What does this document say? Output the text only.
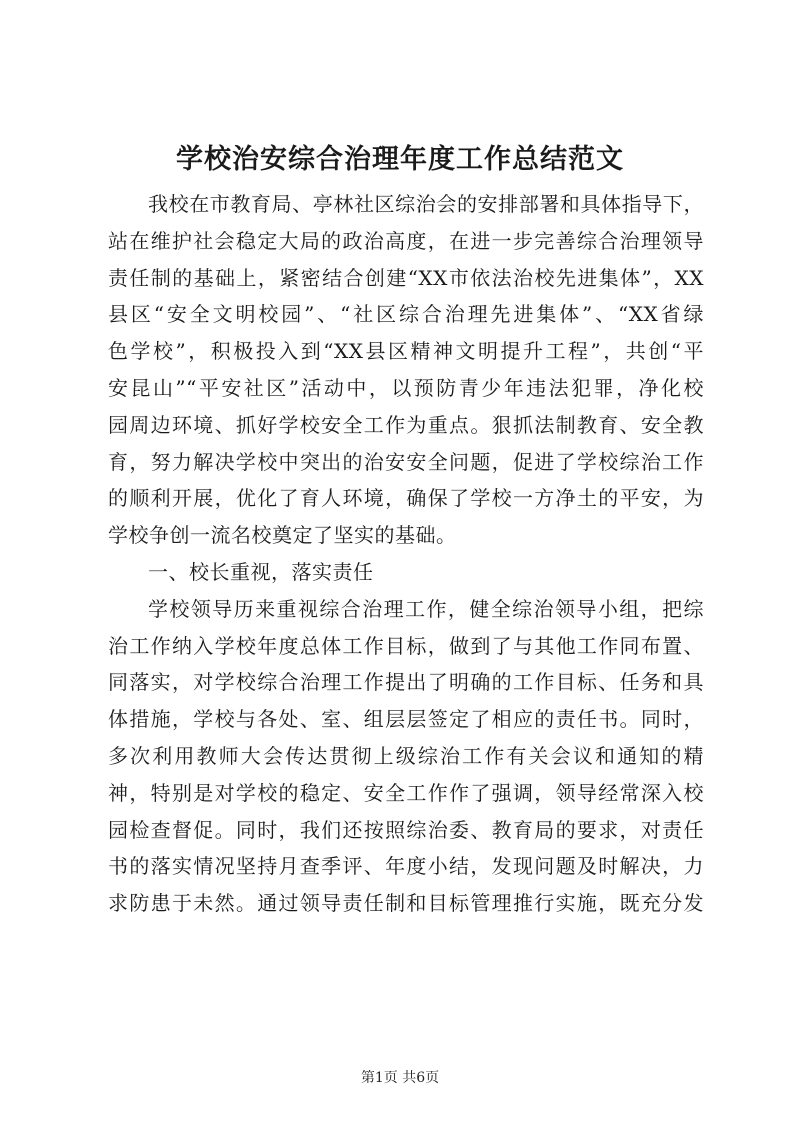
学校治安综合治理年度工作总结范文
我校在市教育局、亭林社区综治会的安排部署和具体指导下，
站在维护社会稳定大局的政治高度，在进一步完善综合治理领导
责任制的基础上，紧密结合创建“XX市依法治校先进集体”，XX
县区“安全文明校园”、“社区综合治理先进集体”、“XX省绿
色学校”，积极投入到“XX县区精神文明提升工程”，共创“平
安昆山”“平安社区”活动中，以预防青少年违法犯罪，净化校
园周边环境、抓好学校安全工作为重点。狠抓法制教育、安全教
育，努力解决学校中突出的治安安全问题，促进了学校综治工作
的顺利开展，优化了育人环境，确保了学校一方净土的平安，为
学校争创一流名校奠定了坚实的基础。
一、校长重视，落实责任
学校领导历来重视综合治理工作，健全综治领导小组，把综
治工作纳入学校年度总体工作目标，做到了与其他工作同布置、
同落实，对学校综合治理工作提出了明确的工作目标、任务和具
体措施，学校与各处、室、组层层签定了相应的责任书。同时，
多次利用教师大会传达贯彻上级综治工作有关会议和通知的精
神，特别是对学校的稳定、安全工作作了强调，领导经常深入校
园检查督促。同时，我们还按照综治委、教育局的要求，对责任
书的落实情况坚持月查季评、年度小结，发现问题及时解决，力
求防患于未然。通过领导责任制和目标管理推行实施，既充分发
第1页 共6页
